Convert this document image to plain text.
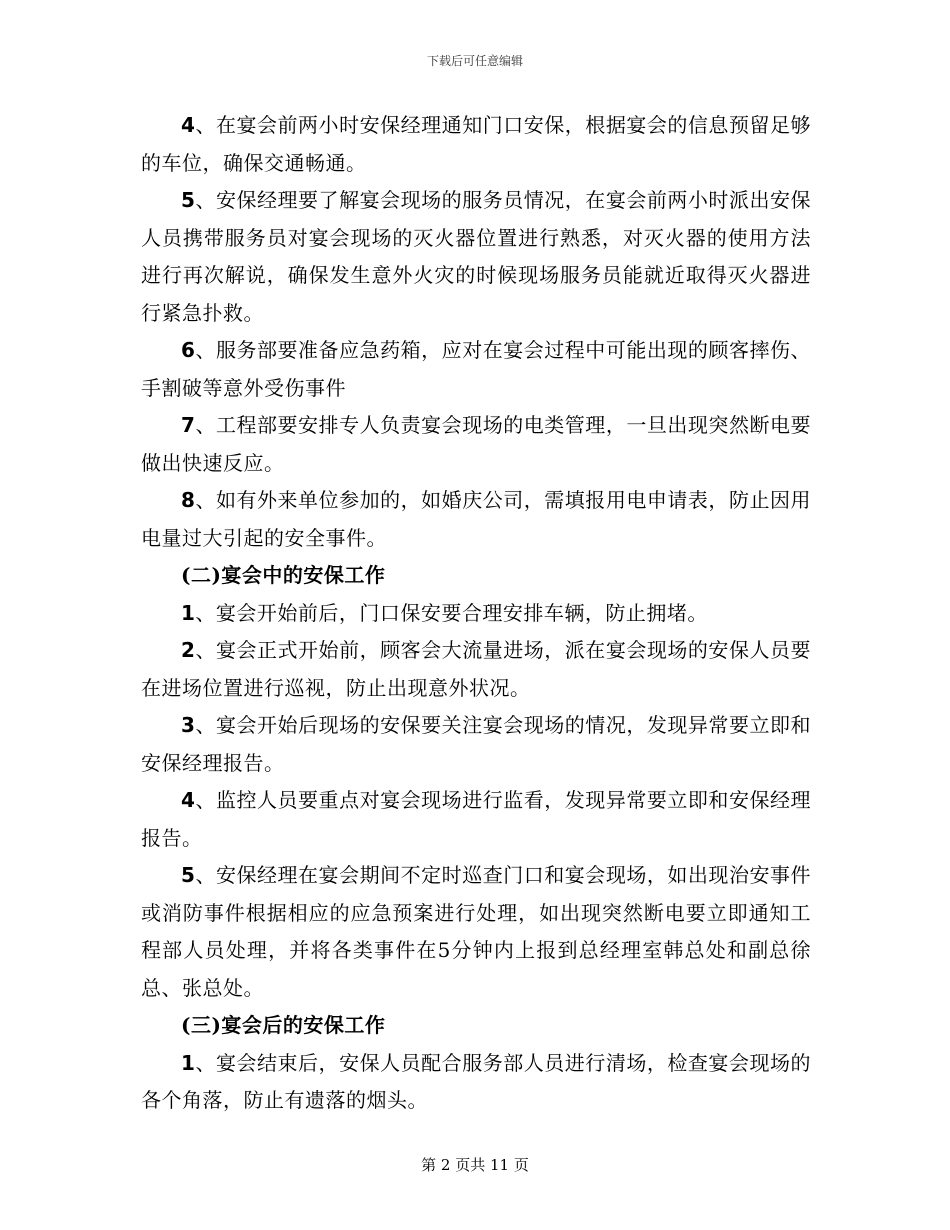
下载后可任意编辑

4、在宴会前两小时安保经理通知门口安保，根据宴会的信息预留足够的车位，确保交通畅通。

5、安保经理要了解宴会现场的服务员情况，在宴会前两小时派出安保人员携带服务员对宴会现场的灭火器位置进行熟悉，对灭火器的使用方法进行再次解说，确保发生意外火灾的时候现场服务员能就近取得灭火器进行紧急扑救。

6、服务部要准备应急药箱，应对在宴会过程中可能出现的顾客摔伤、手割破等意外受伤事件

7、工程部要安排专人负责宴会现场的电类管理，一旦出现突然断电要做出快速反应。

8、如有外来单位参加的，如婚庆公司，需填报用电申请表，防止因用电量过大引起的安全事件。

(二)宴会中的安保工作

1、宴会开始前后，门口保安要合理安排车辆，防止拥堵。

2、宴会正式开始前，顾客会大流量进场，派在宴会现场的安保人员要在进场位置进行巡视，防止出现意外状况。

3、宴会开始后现场的安保要关注宴会现场的情况，发现异常要立即和安保经理报告。

4、监控人员要重点对宴会现场进行监看，发现异常要立即和安保经理报告。

5、安保经理在宴会期间不定时巡查门口和宴会现场，如出现治安事件或消防事件根据相应的应急预案进行处理，如出现突然断电要立即通知工程部人员处理，并将各类事件在5分钟内上报到总经理室韩总处和副总徐总、张总处。

(三)宴会后的安保工作

1、宴会结束后，安保人员配合服务部人员进行清场，检查宴会现场的各个角落，防止有遗落的烟头。

第 2 页共 11 页
